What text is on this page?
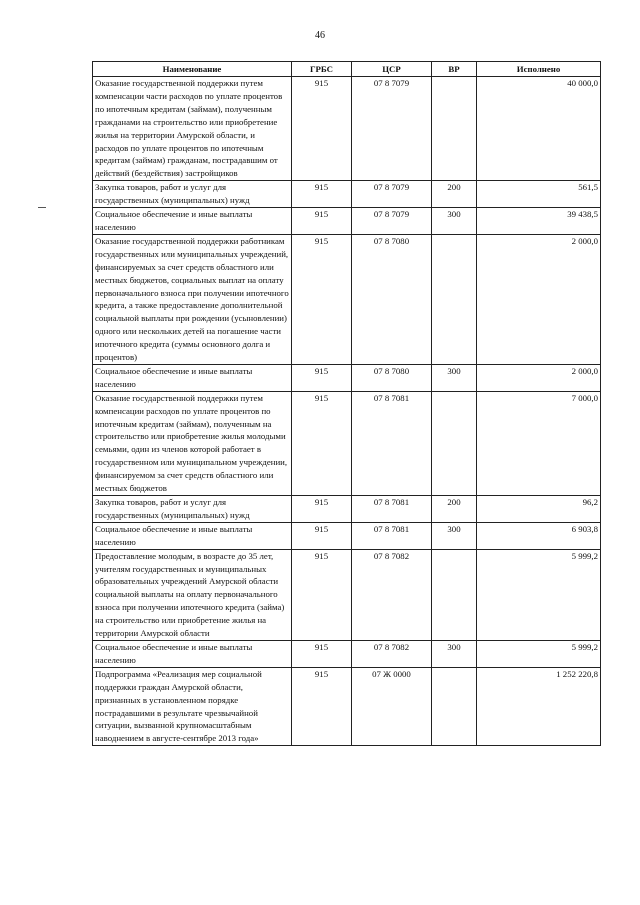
46
Наименование	ГРБС	ЦСР	ВР	Исполнено
Оказание государственной поддержки путем компенсации части расходов по уплате процентов по ипотечным кредитам (займам), полученным гражданами на строительство или приобретение жилья на территории Амурской области, и расходов по уплате процентов по ипотечным кредитам (займам) гражданам, пострадавшим от действий (бездействия) застройщиков	915	07 8 7079		40 000,0
Закупка товаров, работ и услуг для государственных (муниципальных) нужд	915	07 8 7079	200	561,5
Социальное обеспечение и иные выплаты населению	915	07 8 7079	300	39 438,5
Оказание государственной поддержки работникам государственных или муниципальных учреждений, финансируемых за счет средств областного или местных бюджетов, социальных выплат на оплату первоначального взноса при получении ипотечного кредита, а также предоставление дополнительной социальной выплаты при рождении (усыновлении) одного или нескольких детей на погашение части ипотечного кредита (суммы основного долга и процентов)	915	07 8 7080		2 000,0
Социальное обеспечение и иные выплаты населению	915	07 8 7080	300	2 000,0
Оказание государственной поддержки путем компенсации расходов по уплате процентов по ипотечным кредитам (займам), полученным на строительство или приобретение жилья молодыми семьями, один из членов которой работает в государственном или муниципальном учреждении, финансируемом за счет средств областного или местных бюджетов	915	07 8 7081		7 000,0
Закупка товаров, работ и услуг для государственных (муниципальных) нужд	915	07 8 7081	200	96,2
Социальное обеспечение и иные выплаты населению	915	07 8 7081	300	6 903,8
Предоставление молодым, в возрасте до 35 лет, учителям государственных и муниципальных образовательных учреждений Амурской области социальной выплаты на оплату первоначального взноса при получении ипотечного кредита (займа) на строительство или приобретение жилья на территории Амурской области	915	07 8 7082		5 999,2
Социальное обеспечение и иные выплаты населению	915	07 8 7082	300	5 999,2
Подпрограмма «Реализация мер социальной поддержки граждан Амурской области, признанных в установленном порядке пострадавшими в результате чрезвычайной ситуации, вызванной крупномасштабным наводнением в августе-сентябре 2013 года»	915	07 Ж 0000		1 252 220,8
